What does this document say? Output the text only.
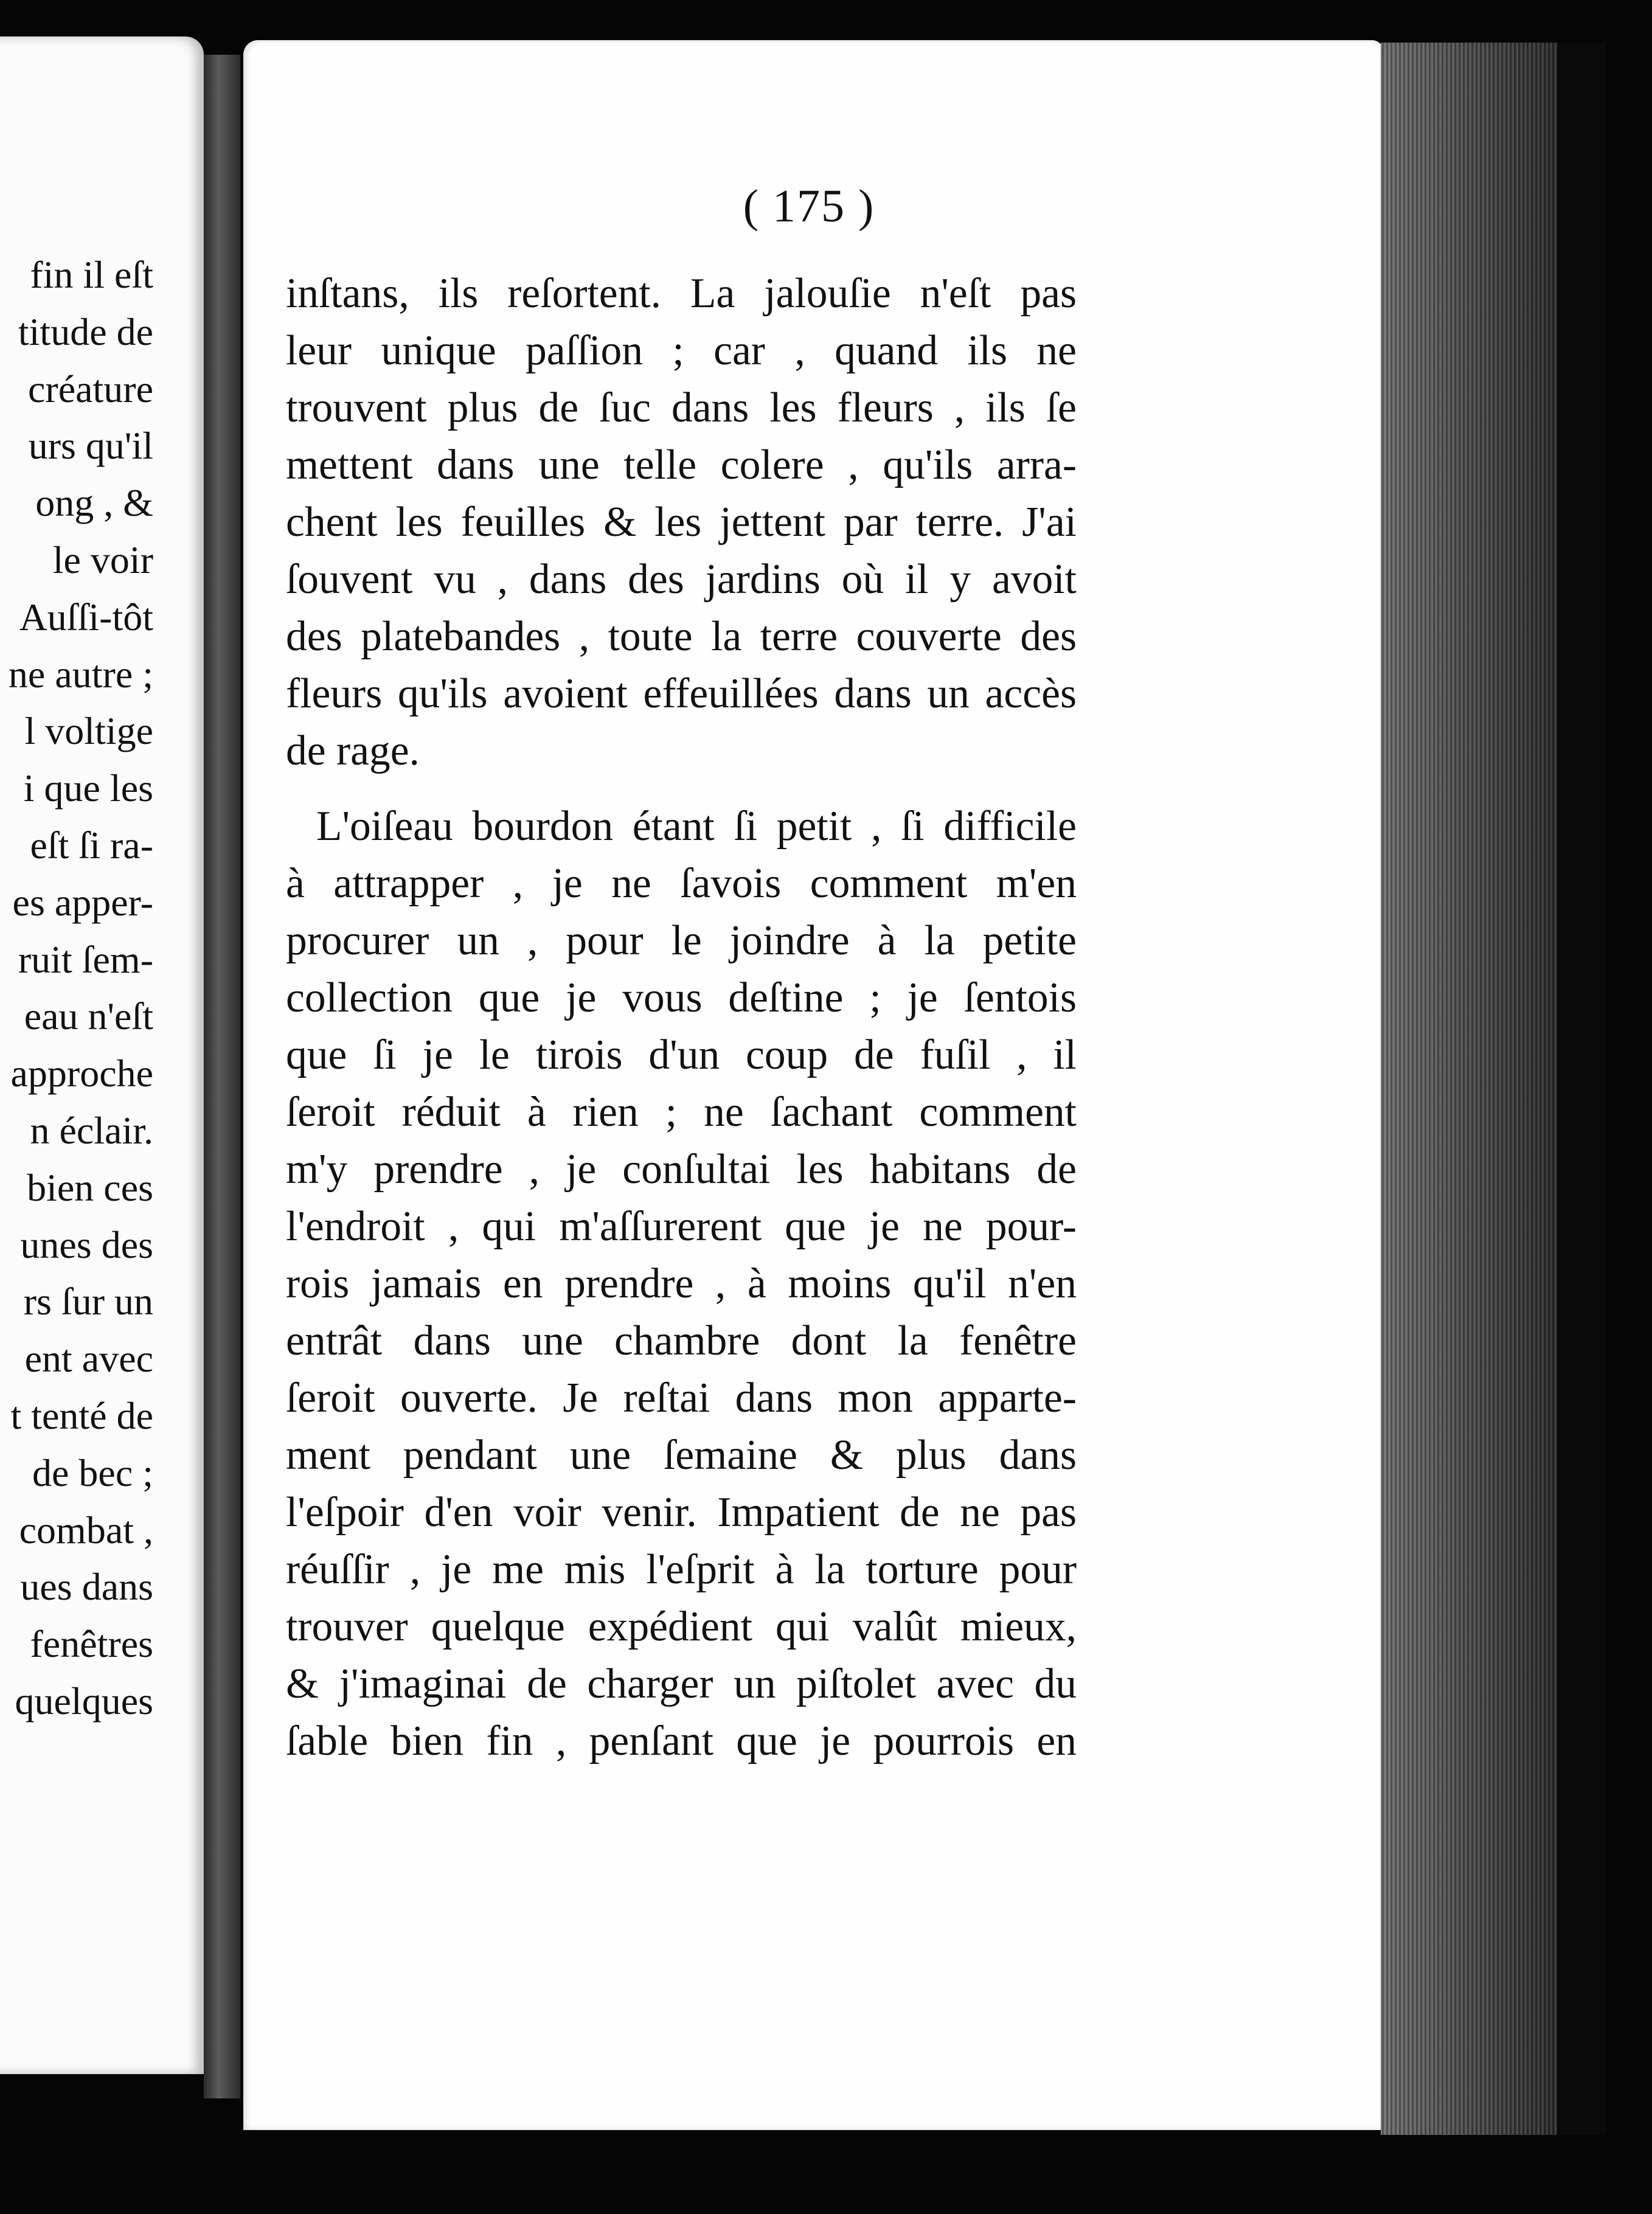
fin il eſt
titude de
créature
urs qu'il
ong , &
le voir
Auſſi-tôt
ne autre ;
l voltige
i que les
eſt ſi ra-
es apper-
ruit ſem-
eau n'eſt
approche
n éclair.
bien ces
unes des
rs ſur un
ent avec
t tenté de
de bec ;
combat ,
ues dans
fenêtres
quelques
( 175 )
inſtans, ils reſortent. La jalouſie n'eſt pas
leur unique paſſion ; car , quand ils ne
trouvent plus de ſuc dans les fleurs , ils ſe
mettent dans une telle colere , qu'ils arra-
chent les feuilles & les jettent par terre. J'ai
ſouvent vu , dans des jardins où il y avoit
des platebandes , toute la terre couverte des
fleurs qu'ils avoient effeuillées dans un accès
de rage.
L'oiſeau bourdon étant ſi petit , ſi difficile
à attrapper , je ne ſavois comment m'en
procurer un , pour le joindre à la petite
collection que je vous deſtine ; je ſentois
que ſi je le tirois d'un coup de fuſil , il
ſeroit réduit à rien ; ne ſachant comment
m'y prendre , je conſultai les habitans de
l'endroit , qui m'aſſurerent que je ne pour-
rois jamais en prendre , à moins qu'il n'en
entrât dans une chambre dont la fenêtre
ſeroit ouverte. Je reſtai dans mon apparte-
ment pendant une ſemaine & plus dans
l'eſpoir d'en voir venir. Impatient de ne pas
réuſſir , je me mis l'eſprit à la torture pour
trouver quelque expédient qui valût mieux,
& j'imaginai de charger un piſtolet avec du
ſable bien fin , penſant que je pourrois en
